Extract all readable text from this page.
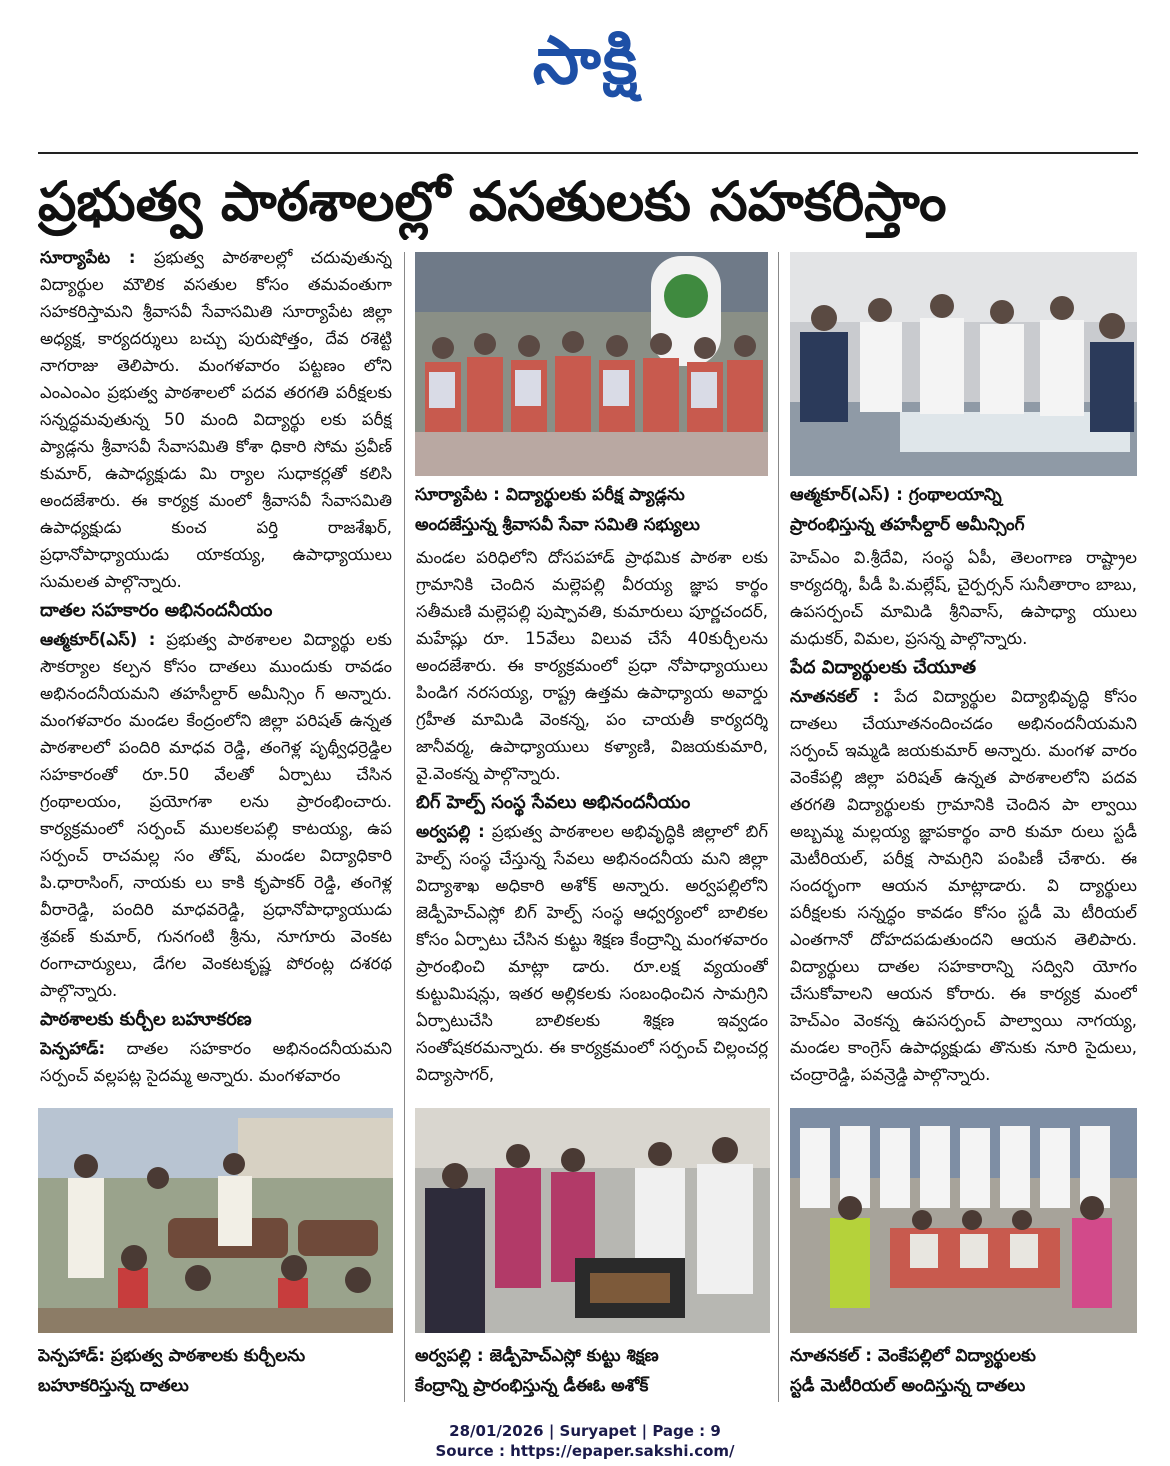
సాక్షి
ప్రభుత్వ పాఠశాలల్లో వసతులకు సహకరిస్తాం

సూర్యాపేట : ప్రభుత్వ పాఠశాలల్లో చదువుతున్న విద్యార్థుల మౌలిక వసతుల కోసం తమవంతుగా సహకరిస్తామని శ్రీవాసవీ సేవాసమితి సూర్యాపేట జిల్లా అధ్యక్ష, కార్యదర్శులు బచ్చు పురుషోత్తం, దేవ రశెట్టి నాగరాజు తెలిపారు. మంగళవారం పట్టణం లోని ఎంఎంఎం ప్రభుత్వ పాఠశాలలో పదవ తరగతి పరీక్షలకు సన్నద్ధమవుతున్న 50 మంది విద్యార్థు లకు పరీక్ష ప్యాడ్లను శ్రీవాసవీ సేవాసమితి కోశా ధికారి సోమ ప్రవీణ్ కుమార్, ఉపాధ్యక్షుడు మి ర్యాల సుధాకర్లతో కలిసి అందజేశారు. ఈ కార్యక్ర మంలో శ్రీవాసవీ సేవాసమితి ఉపాధ్యక్షుడు కుంచ పర్తి రాజశేఖర్, ప్రధానోపాధ్యాయుడు యాకయ్య, ఉపాధ్యాయులు సుమలత పాల్గొన్నారు.

దాతల సహకారం అభినందనీయం

ఆత్మకూర్(ఎస్) : ప్రభుత్వ పాఠశాలల విద్యార్థు లకు సౌకర్యాల కల్పన కోసం దాతలు ముందుకు రావడం అభినందనీయమని తహసీల్దార్ అమీన్సిం గ్ అన్నారు. మంగళవారం మండల కేంద్రంలోని జిల్లా పరిషత్ ఉన్నత పాఠశాలలో పందిరి మాధవ రెడ్డి, తంగెళ్ల పృథ్వీధర్రెడ్డిల సహకారంతో రూ.50 వేలతో ఏర్పాటు చేసిన గ్రంథాలయం, ప్రయోగశా లను ప్రారంభించారు. కార్యక్రమంలో సర్పంచ్ ములకలపల్లి కాటయ్య, ఉప సర్పంచ్ రాచమల్ల సం తోష్, మండల విద్యాధికారి పి.ధారాసింగ్, నాయకు లు కాకి కృపాకర్ రెడ్డి, తంగెళ్ల వీరారెడ్డి, పందిరి మాధవరెడ్డి, ప్రధానోపాధ్యాయుడు శ్రవణ్ కుమార్, గునగంటి శ్రీను, నూగూరు వెంకట రంగాచార్యులు, డేగల వెంకటకృష్ణ పోరంట్ల దశరథ పాల్గొన్నారు.

పాఠశాలకు కుర్చీల బహూకరణ

పెన్పహాడ్: దాతల సహకారం అభినందనీయమని సర్పంచ్ వల్లపట్ల సైదమ్మ అన్నారు. మంగళవారం

సూర్యాపేట : విద్యార్థులకు పరీక్ష ప్యాడ్లను
అందజేస్తున్న శ్రీవాసవీ సేవా సమితి సభ్యులు
ఆత్మకూర్(ఎస్) : గ్రంథాలయాన్ని
ప్రారంభిస్తున్న తహసీల్దార్ అమీన్సింగ్

మండల పరిధిలోని దోసపహాడ్ ప్రాథమిక పాఠశా లకు గ్రామానికి చెందిన మల్లెపల్లి వీరయ్య జ్ఞాప కార్థం సతీమణి మల్లెపల్లి పుష్పావతి, కుమారులు పూర్ణచందర్, మహేష్లు రూ. 15వేలు విలువ చేసే 40కుర్చీలను అందజేశారు. ఈ కార్యక్రమంలో ప్రధా నోపాధ్యాయులు పిండిగ నరసయ్య, రాష్ట్ర ఉత్తమ ఉపాధ్యాయ అవార్డు గ్రహీత మామిడి వెంకన్న, పం చాయతీ కార్యదర్శి జానీవర్మ, ఉపాధ్యాయులు కళ్యాణి, విజయకుమారి, వై.వెంకన్న పాల్గొన్నారు.

బిగ్ హెల్ప్ సంస్థ సేవలు అభినందనీయం

అర్వపల్లి : ప్రభుత్వ పాఠశాలల అభివృద్ధికి జిల్లాలో బిగ్ హెల్ప్ సంస్థ చేస్తున్న సేవలు అభినందనీయ మని జిల్లా విద్యాశాఖ అధికారి అశోక్ అన్నారు. అర్వపల్లిలోని జెడ్పీహెచ్ఎస్లో బిగ్ హెల్ప్ సంస్థ ఆధ్వర్యంలో బాలికల కోసం ఏర్పాటు చేసిన కుట్టు శిక్షణ కేంద్రాన్ని మంగళవారం ప్రారంభించి మాట్లా డారు. రూ.లక్ష వ్యయంతో కుట్టుమిషన్లు, ఇతర అల్లికలకు సంబంధించిన సామగ్రిని ఏర్పాటుచేసి బాలికలకు శిక్షణ ఇవ్వడం సంతోషకరమన్నారు. ఈ కార్యక్రమంలో సర్పంచ్ చిల్లంచర్ల విద్యాసాగర్,

హెచ్ఎం వి.శ్రీదేవి, సంస్థ ఏపీ, తెలంగాణ రాష్ట్రాల కార్యదర్శి, పీడీ పి.మల్లేష్, చైర్పర్సన్ సునీతారాం బాబు, ఉపసర్పంచ్ మామిడి శ్రీనివాస్, ఉపాధ్యా యులు మధుకర్, విమల, ప్రసన్న పాల్గొన్నారు.

పేద విద్యార్థులకు చేయూత

నూతనకల్ : పేద విద్యార్థుల విద్యాభివృద్ధి కోసం దాతలు చేయూతనందించడం అభినందనీయమని సర్పంచ్ ఇమ్మడి జయకుమార్ అన్నారు. మంగళ వారం వెంకేపల్లి జిల్లా పరిషత్ ఉన్నత పాఠశాలలోని పదవ తరగతి విద్యార్థులకు గ్రామానికి చెందిన పా ల్వాయి అబ్బమ్మ మల్లయ్య జ్ఞాపకార్థం వారి కుమా రులు స్టడీ మెటీరియల్, పరీక్ష సామగ్రిని పంపిణీ చేశారు. ఈ సందర్భంగా ఆయన మాట్లాడారు. వి ద్యార్థులు పరీక్షలకు సన్నద్ధం కావడం కోసం స్టడీ మె టీరియల్ ఎంతగానో దోహదపడుతుందని ఆయన తెలిపారు. విద్యార్థులు దాతల సహకారాన్ని సద్విని యోగం చేసుకోవాలని ఆయన కోరారు. ఈ కార్యక్ర మంలో హెచ్ఎం వెంకన్న ఉపసర్పంచ్ పాల్వాయి నాగయ్య, మండల కాంగ్రెస్ ఉపాధ్యక్షుడు తొనుకు నూరి సైదులు, చంద్రారెడ్డి, పవన్రెడ్డి పాల్గొన్నారు.

పెన్పహాడ్: ప్రభుత్వ పాఠశాలకు కుర్చీలను
బహూకరిస్తున్న దాతలు
అర్వపల్లి : జెడ్పీహెచ్ఎస్లో కుట్టు శిక్షణ
కేంద్రాన్ని ప్రారంభిస్తున్న డీఈఓ అశోక్
నూతనకల్ : వెంకేపల్లిలో విద్యార్థులకు
స్టడీ మెటీరియల్ అందిస్తున్న దాతలు
28/01/2026 | Suryapet | Page : 9
Source : https://epaper.sakshi.com/
